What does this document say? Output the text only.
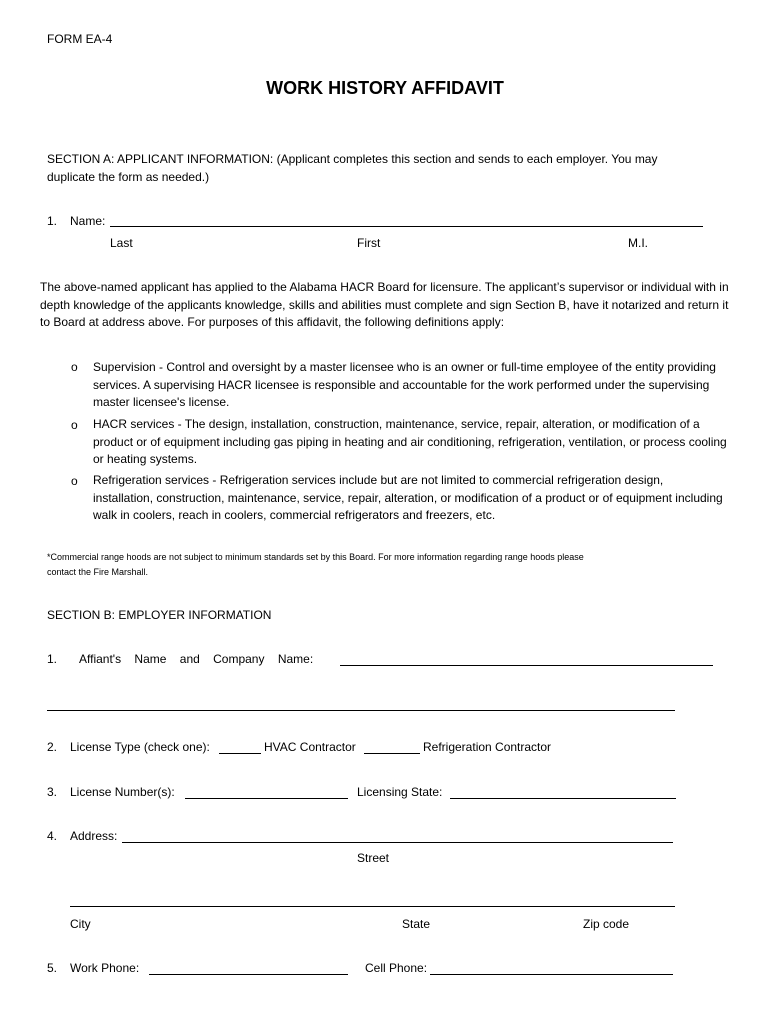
FORM EA-4
WORK HISTORY AFFIDAVIT
SECTION A: APPLICANT INFORMATION: (Applicant completes this section and sends to each employer. You may
duplicate the form as needed.)
1. Name:
Last	First	M.I.
The above-named applicant has applied to the Alabama HACR Board for licensure. The applicant’s supervisor or individual with in depth knowledge of the applicants knowledge, skills and abilities must complete and sign Section B, have it notarized and return it to Board at address above. For purposes of this affidavit, the following definitions apply:
o Supervision - Control and oversight by a master licensee who is an owner or full-time employee of the entity providing services. A supervising HACR licensee is responsible and accountable for the work performed under the supervising master licensee's license.
o HACR services - The design, installation, construction, maintenance, service, repair, alteration, or modification of a product or of equipment including gas piping in heating and air conditioning, refrigeration, ventilation, or process cooling or heating systems.
o Refrigeration services - Refrigeration services include but are not limited to commercial refrigeration design, installation, construction, maintenance, service, repair, alteration, or modification of a product or of equipment including walk in coolers, reach in coolers, commercial refrigerators and freezers, etc.
*Commercial range hoods are not subject to minimum standards set by this Board. For more information regarding range hoods please
contact the Fire Marshall.
SECTION B: EMPLOYER INFORMATION
1. Affiant's Name and Company Name:
2. License Type (check one):	HVAC Contractor	Refrigeration Contractor
3. License Number(s):	Licensing State:
4. Address:
Street
City	State	Zip code
5. Work Phone:	Cell Phone:
